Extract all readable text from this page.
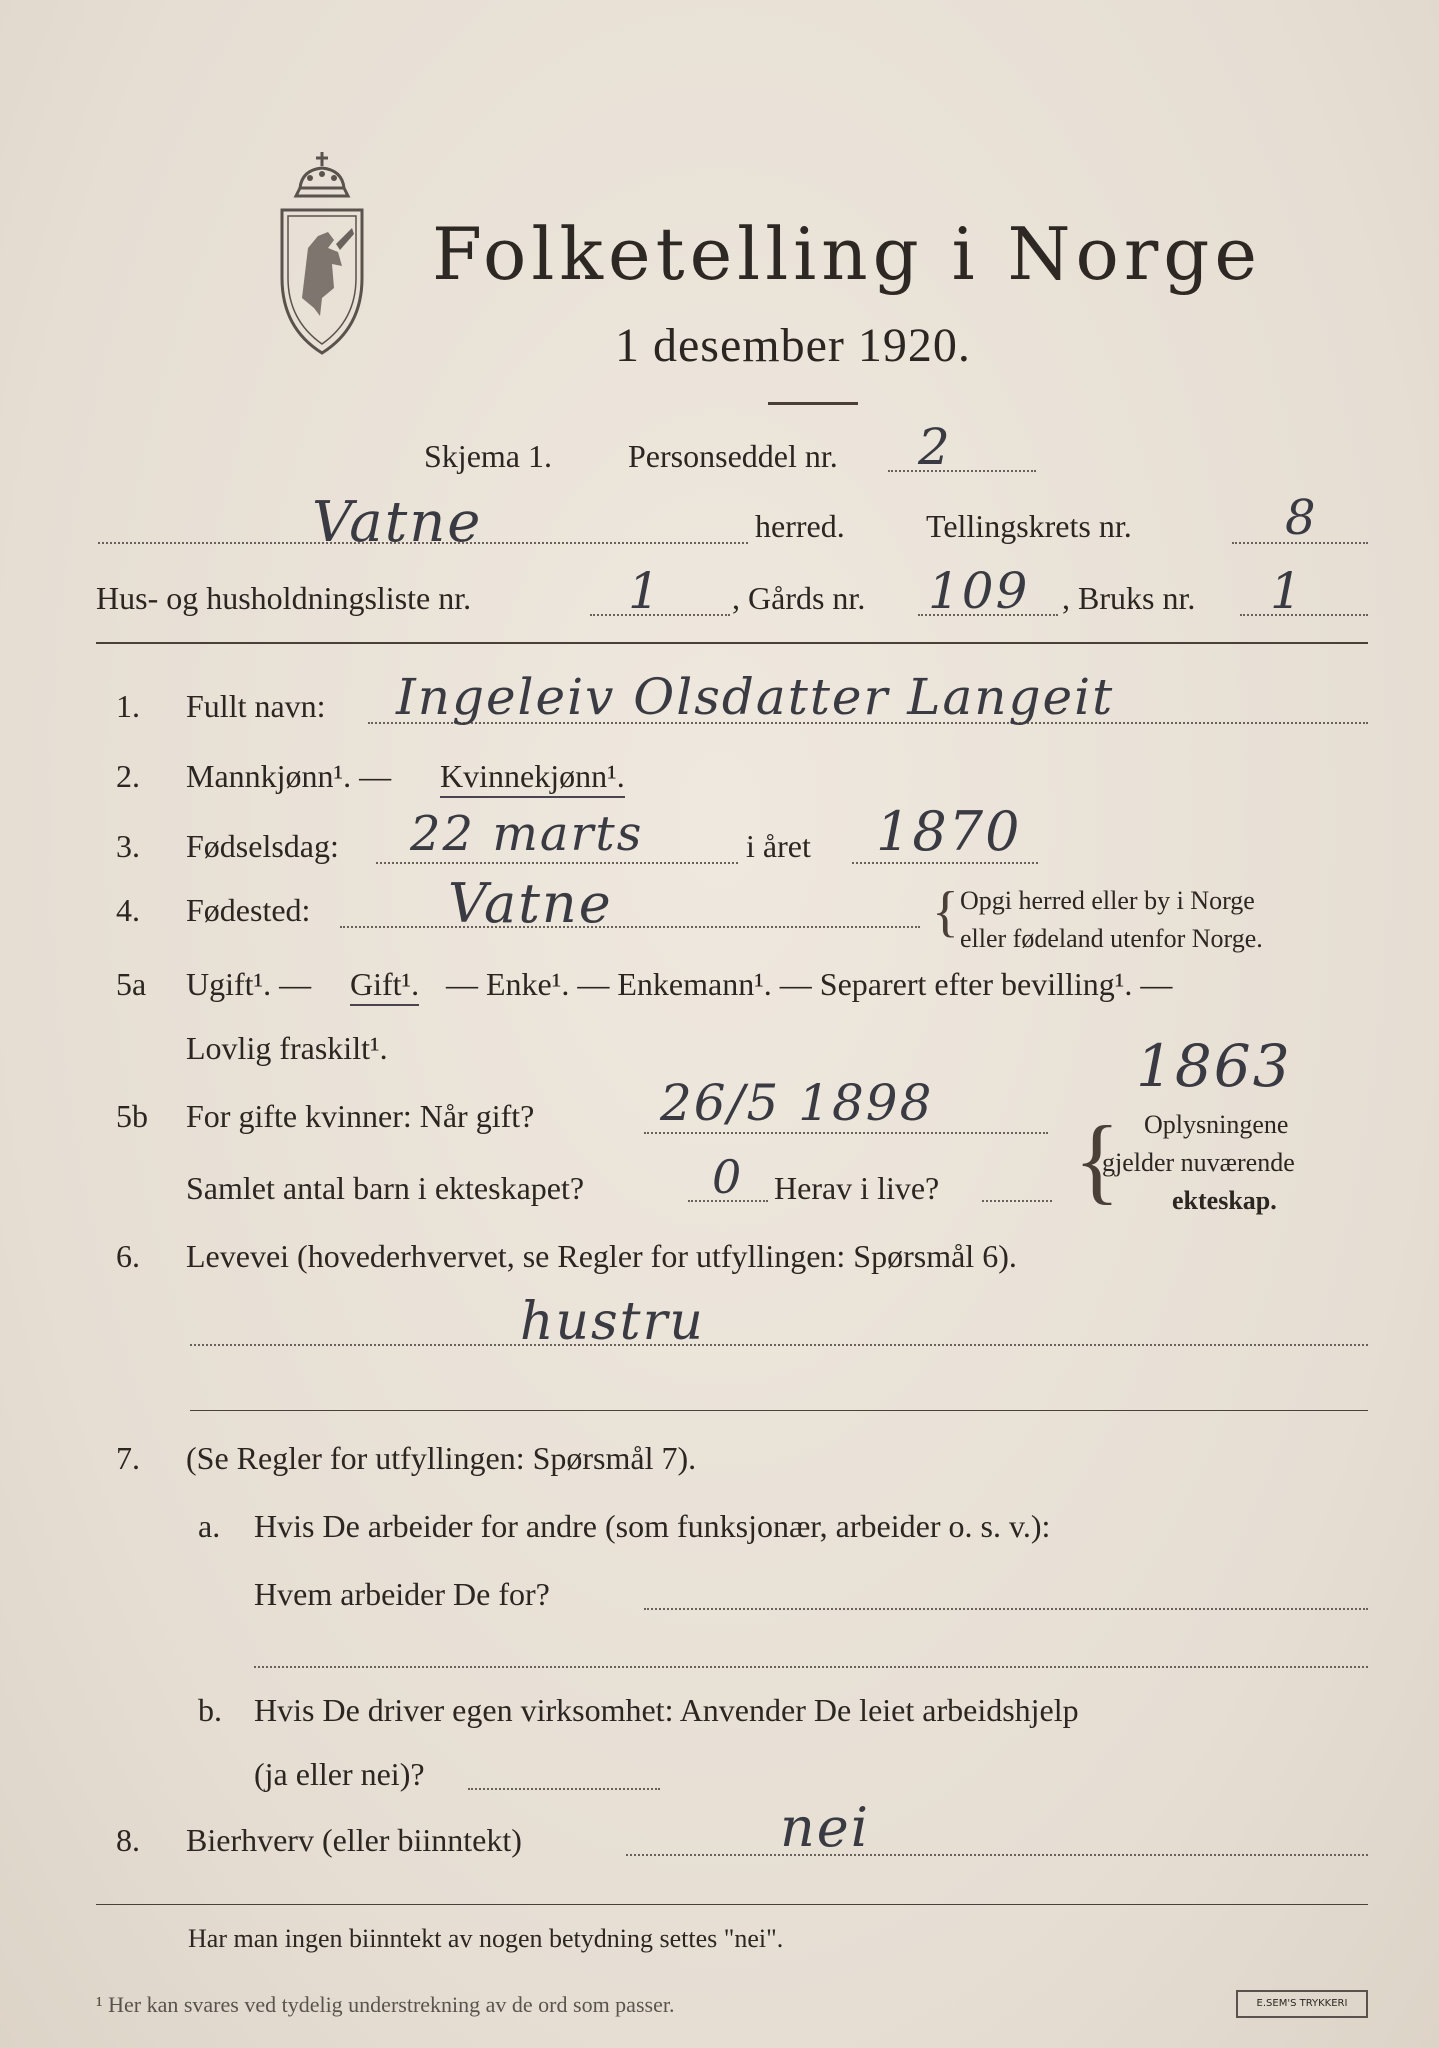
Folketelling i Norge
1 desember 1920.
Skjema 1. Personseddel nr. 2
Vatne	herred.	Tellingskrets nr.	8
Hus- og husholdningsliste nr.	1 , Gårds nr. 109 , Bruks nr. 1
1. Fullt navn: Ingeleiv Olsdatter Langeit
2. Mannkjønn¹. — Kvinnekjønn¹.
3. Fødselsdag: 22 marts	i året 1870
4. Fødested:	Vatne	{ Opgi herred eller by i Norge
eller fødeland utenfor Norge.
5a Ugift¹. — Gift¹. — Enke¹. — Enkemann¹. — Separert efter bevilling¹. —
Lovlig fraskilt¹.	1863
5b For gifte kvinner: Når gift?	26/5 1898
Samlet antal barn i ekteskapet?	0 Herav i live? { Oplysningene
gjelder nuværende
ekteskap.
6. Levevei (hovederhvervet, se Regler for utfyllingen: Spørsmål 6).
hustru
7. (Se Regler for utfyllingen: Spørsmål 7).
a. Hvis De arbeider for andre (som funksjonær, arbeider o. s. v.):
Hvem arbeider De for?
b. Hvis De driver egen virksomhet: Anvender De leiet arbeidshjelp
(ja eller nei)?
8. Bierhverv (eller biinntekt)	nei
Har man ingen biinntekt av nogen betydning settes "nei".
¹ Her kan svares ved tydelig understrekning av de ord som passer.	E.SEM'S TRYKKERI
